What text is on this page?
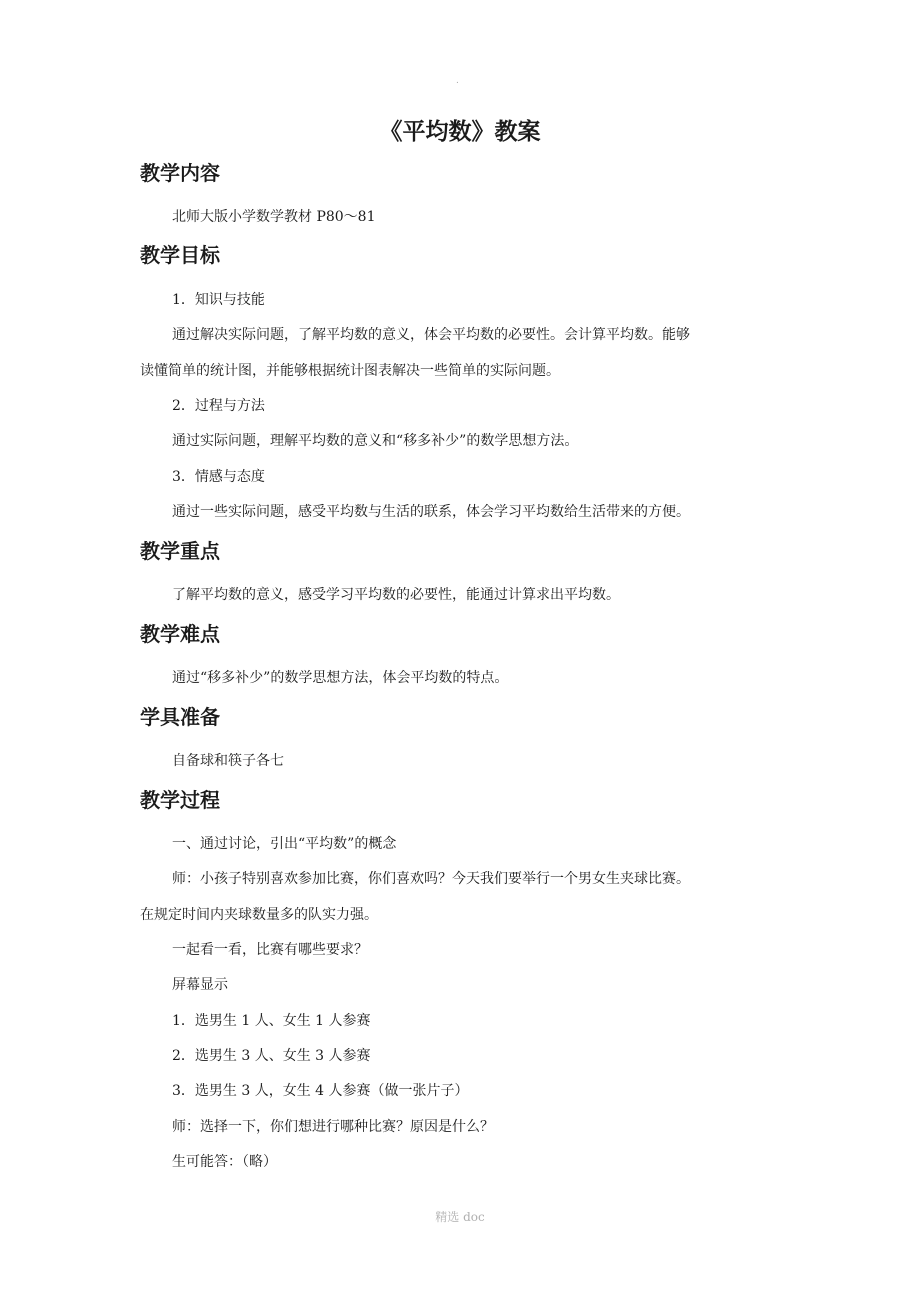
.
《平均数》教案
教学内容
北师大版小学数学教材 P80～81
教学目标
1．知识与技能
通过解决实际问题，了解平均数的意义，体会平均数的必要性。会计算平均数。能够
读懂简单的统计图，并能够根据统计图表解决一些简单的实际问题。
2．过程与方法
通过实际问题，理解平均数的意义和“移多补少”的数学思想方法。
3．情感与态度
通过一些实际问题，感受平均数与生活的联系，体会学习平均数给生活带来的方便。
教学重点
了解平均数的意义，感受学习平均数的必要性，能通过计算求出平均数。
教学难点
通过“移多补少”的数学思想方法，体会平均数的特点。
学具准备
自备球和筷子各七
教学过程
一、通过讨论，引出“平均数”的概念
师：小孩子特别喜欢参加比赛，你们喜欢吗？今天我们要举行一个男女生夹球比赛。
在规定时间内夹球数量多的队实力强。
一起看一看，比赛有哪些要求？
屏幕显示
1．选男生 1 人、女生 1 人参赛
2．选男生 3 人、女生 3 人参赛
3．选男生 3 人，女生 4 人参赛（做一张片子）
师：选择一下，你们想进行哪种比赛？原因是什么？
生可能答：（略）
精选 doc
